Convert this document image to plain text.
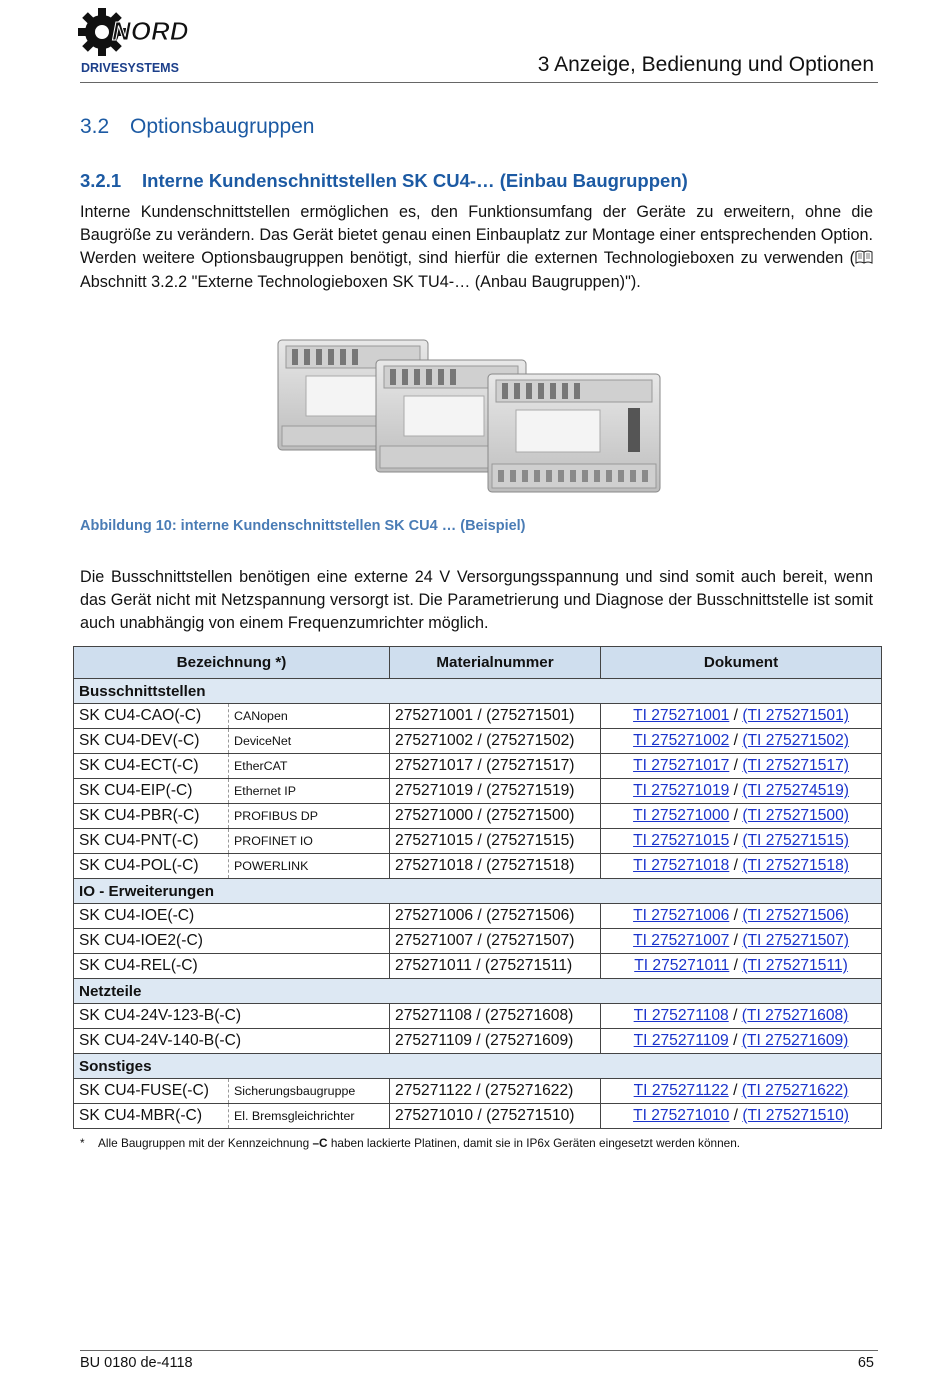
NORD
DRIVESYSTEMS	3 Anzeige, Bedienung und Optionen
3.2 Optionsbaugruppen
3.2.1 Interne Kundenschnittstellen SK CU4-… (Einbau Baugruppen)

Interne Kundenschnittstellen ermöglichen es, den Funktionsumfang der Geräte zu erweitern, ohne die Baugröße zu verändern. Das Gerät bietet genau einen Einbauplatz zur Montage einer entsprechenden Option. Werden weitere Optionsbaugruppen benötigt, sind hierfür die externen Technologieboxen zu verwenden ( Abschnitt 3.2.2 "Externe Technologieboxen SK TU4-… (Anbau Baugruppen)").

Abbildung 10: interne Kundenschnittstellen SK CU4 … (Beispiel)

Die Busschnittstellen benötigen eine externe 24 V Versorgungsspannung und sind somit auch bereit, wenn das Gerät nicht mit Netzspannung versorgt ist. Die Parametrierung und Diagnose der Busschnittstelle ist somit auch unabhängig von einem Frequenzumrichter möglich.

Bezeichnung *)		Materialnummer	Dokument
Busschnittstellen			
SK CU4-CAO(-C)	CANopen	275271001 / (275271501)	TI 275271001 / (TI 275271501)
SK CU4-DEV(-C)	DeviceNet	275271002 / (275271502)	TI 275271002 / (TI 275271502)
SK CU4-ECT(-C)	EtherCAT	275271017 / (275271517)	TI 275271017 / (TI 275271517)
SK CU4-EIP(-C)	Ethernet IP	275271019 / (275271519)	TI 275271019 / (TI 275274519)
SK CU4-PBR(-C)	PROFIBUS DP	275271000 / (275271500)	TI 275271000 / (TI 275271500)
SK CU4-PNT(-C)	PROFINET IO	275271015 / (275271515)	TI 275271015 / (TI 275271515)
SK CU4-POL(-C)	POWERLINK	275271018 / (275271518)	TI 275271018 / (TI 275271518)
IO - Erweiterungen			
SK CU4-IOE(-C)		275271006 / (275271506)	TI 275271006 / (TI 275271506)
SK CU4-IOE2(-C)		275271007 / (275271507)	TI 275271007 / (TI 275271507)
SK CU4-REL(-C)		275271011 / (275271511)	TI 275271011 / (TI 275271511)
Netzteile			
SK CU4-24V-123-B(-C)		275271108 / (275271608)	TI 275271108 / (TI 275271608)
SK CU4-24V-140-B(-C)		275271109 / (275271609)	TI 275271109 / (TI 275271609)
Sonstiges			
SK CU4-FUSE(-C)	Sicherungsbaugruppe	275271122 / (275271622)	TI 275271122 / (TI 275271622)
SK CU4-MBR(-C)	El. Bremsgleichrichter	275271010 / (275271510)	TI 275271010 / (TI 275271510)
* Alle Baugruppen mit der Kennzeichnung –C haben lackierte Platinen, damit sie in IP6x Geräten eingesetzt werden können.
BU 0180 de-4118	65
